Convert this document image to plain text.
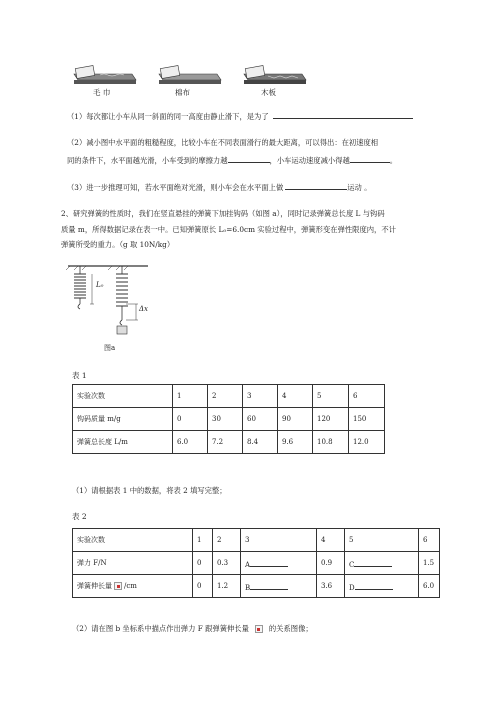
毛 巾	棉布	木板
（1）每次都让小车从同一斜面的同一高度由静止滑下，是为了
（2）减小图中水平面的粗糙程度，比较小车在不同表面滑行的最大距离，可以得出：在初速度相
同的条件下，水平面越光滑，小车受到的摩擦力越	，小车运动速度减小得越	。
（3）进一步推理可知，若水平面绝对光滑，则小车会在水平面上做	运动 。
2、研究弹簧的性质时，我们在竖直悬挂的弹簧下加挂钩码（如图 a），同时记录弹簧总长度 L 与钩码
质量 m，所得数据记录在表一中。已知弹簧原长 L₀=6.0cm 实验过程中，弹簧形变在弹性限度内，不计
弹簧所受的重力。（g 取 10N/kg）
L₀
Δx
图a
表 1
实验次数	1	2	3	4	5	6
钩码质量 m/g	0	30	60	90	120	150
弹簧总长度 L/m	6.0	7.2	8.4	9.6	10.8	12.0
（1）请根据表 1 中的数据，将表 2 填写完整；
表 2
实验次数	1	2	3	4	5	6
弹力 F/N	0	0.3	A	0.9	C	1.5
弹簧伸长量 /cm	0	1.2	B	3.6	D	6.0
（2）请在图 b 坐标系中描点作出弹力 F 跟弹簧伸长量	的关系图像；
